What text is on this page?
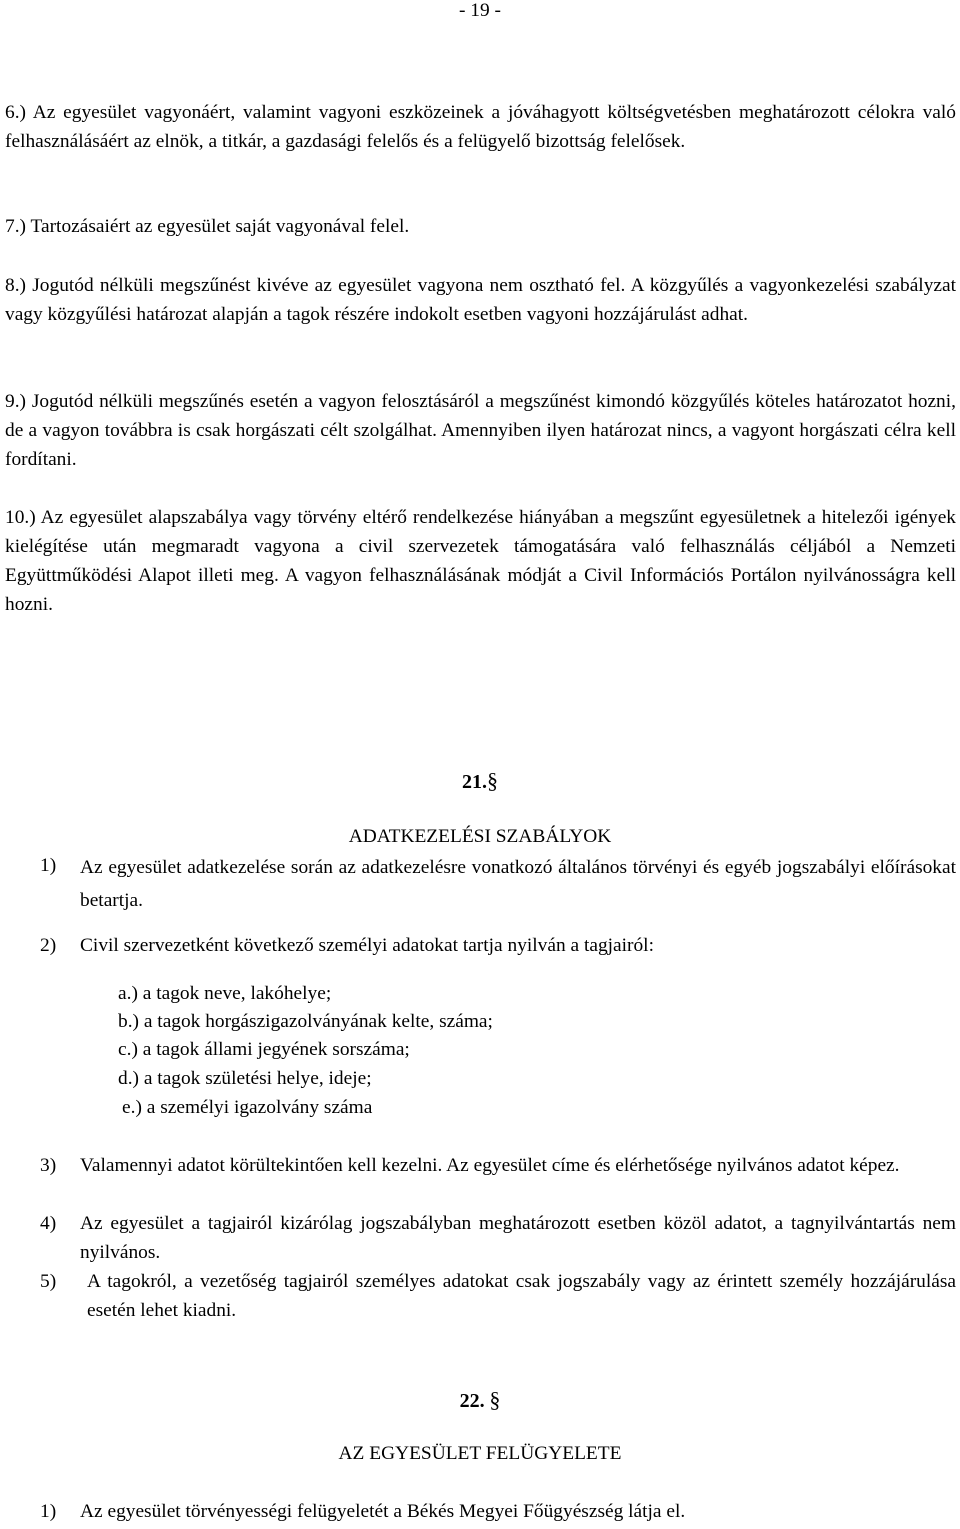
- 19 -

6.) Az egyesület vagyonáért, valamint vagyoni eszközeinek a jóváhagyott költségvetésben meghatározott célokra való felhasználásáért az elnök, a titkár, a gazdasági felelős és a felügyelő bizottság felelősek.

7.) Tartozásaiért az egyesület saját vagyonával felel.

8.) Jogutód nélküli megszűnést kivéve az egyesület vagyona nem osztható fel. A közgyűlés a vagyonkezelési szabályzat vagy közgyűlési határozat alapján a tagok részére indokolt esetben vagyoni hozzájárulást adhat.

9.) Jogutód nélküli megszűnés esetén a vagyon felosztásáról a megszűnést kimondó közgyűlés köteles határozatot hozni, de a vagyon továbbra is csak horgászati célt szolgálhat. Amennyiben ilyen határozat nincs, a vagyont horgászati célra kell fordítani.

10.) Az egyesület alapszabálya vagy törvény eltérő rendelkezése hiányában a megszűnt egyesületnek a hitelezői igények kielégítése után megmaradt vagyona a civil szervezetek támogatására való felhasználás céljából a Nemzeti Együttműködési Alapot illeti meg. A vagyon felhasználásának módját a Civil Információs Portálon nyilvánosságra kell hozni.

21.§
ADATKEZELÉSI SZABÁLYOK
1) Az egyesület adatkezelése során az adatkezelésre vonatkozó általános törvényi és egyéb jogszabályi előírásokat betartja.
2) Civil szervezetként következő személyi adatokat tartja nyilván a tagjairól:
a.) a tagok neve, lakóhelye;
b.) a tagok horgászigazolványának kelte, száma;
c.) a tagok állami jegyének sorszáma;
d.) a tagok születési helye, ideje;
e.) a személyi igazolvány száma
3) Valamennyi adatot körültekintően kell kezelni. Az egyesület címe és elérhetősége nyilvános adatot képez.
4) Az egyesület a tagjairól kizárólag jogszabályban meghatározott esetben közöl adatot, a tagnyilvántartás nem nyilvános.
5) A tagokról, a vezetőség tagjairól személyes adatokat csak jogszabály vagy az érintett személy hozzájárulása esetén lehet kiadni.
22. §
AZ EGYESÜLET FELÜGYELETE
1) Az egyesület törvényességi felügyeletét a Békés Megyei Főügyészség látja el.
